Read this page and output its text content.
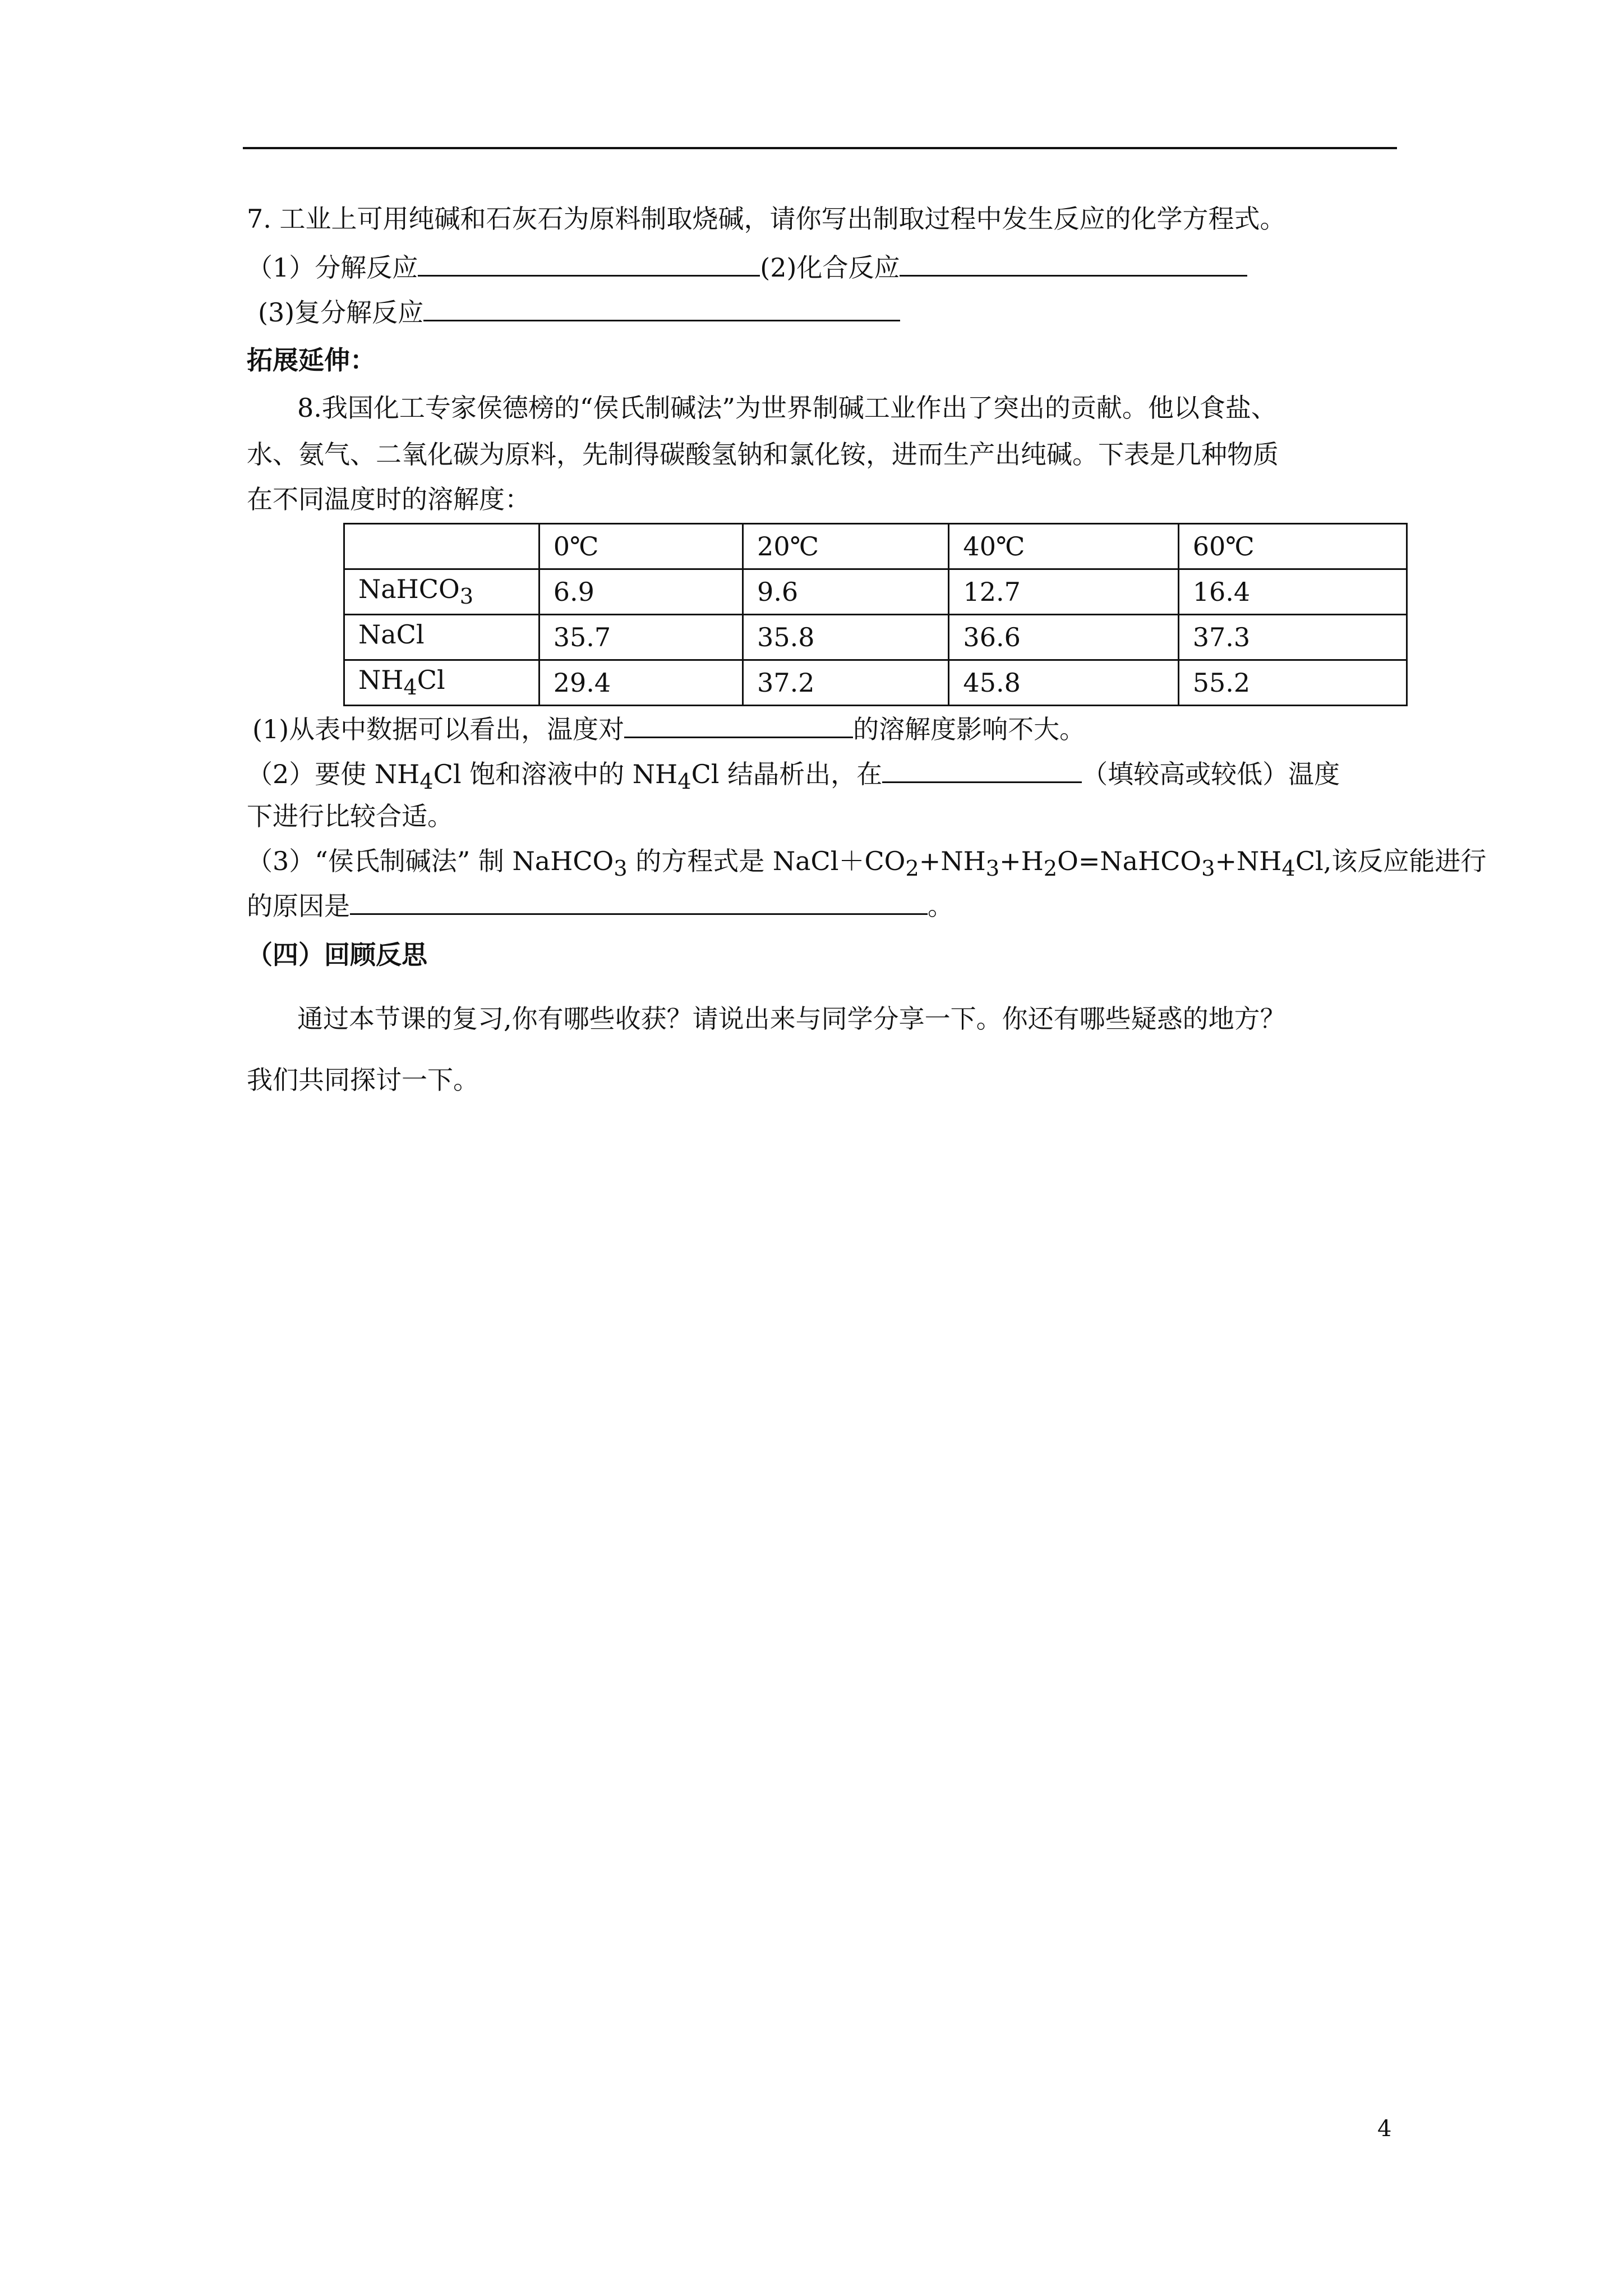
7. 工业上可用纯碱和石灰石为原料制取烧碱，请你写出制取过程中发生反应的化学方程式。
（1）分解反应	(2)化合反应
(3)复分解反应
拓展延伸：
8.我国化工专家侯德榜的“侯氏制碱法”为世界制碱工业作出了突出的贡献。他以食盐、
水、氨气、二氧化碳为原料，先制得碳酸氢钠和氯化铵，进而生产出纯碱。下表是几种物质
在不同温度时的溶解度：
	0℃	20℃	40℃	60℃
NaHCO$_3$	6.9	9.6	12.7	16.4
NaCl	35.7	35.8	36.6	37.3
$NH_4Cl$	29.4	37.2	45.8	55.2
(1)从表中数据可以看出，温度对	的溶解度影响不大。
（2）要使 $NH_4Cl$ 饱和溶液中的 $NH_4Cl$ 结晶析出，在	（填较高或较低）温度
下进行比较合适。
（3）“侯氏制碱法” 制 NaHCO$_3$ 的方程式是 $NaCl+CO_2+NH_3+H_2O=NaHCO_3+NH_4Cl$,该反应能进行
的原因是	。
（四）回顾反思
通过本节课的复习,你有哪些收获？请说出来与同学分享一下。你还有哪些疑惑的地方？
我们共同探讨一下。
4
